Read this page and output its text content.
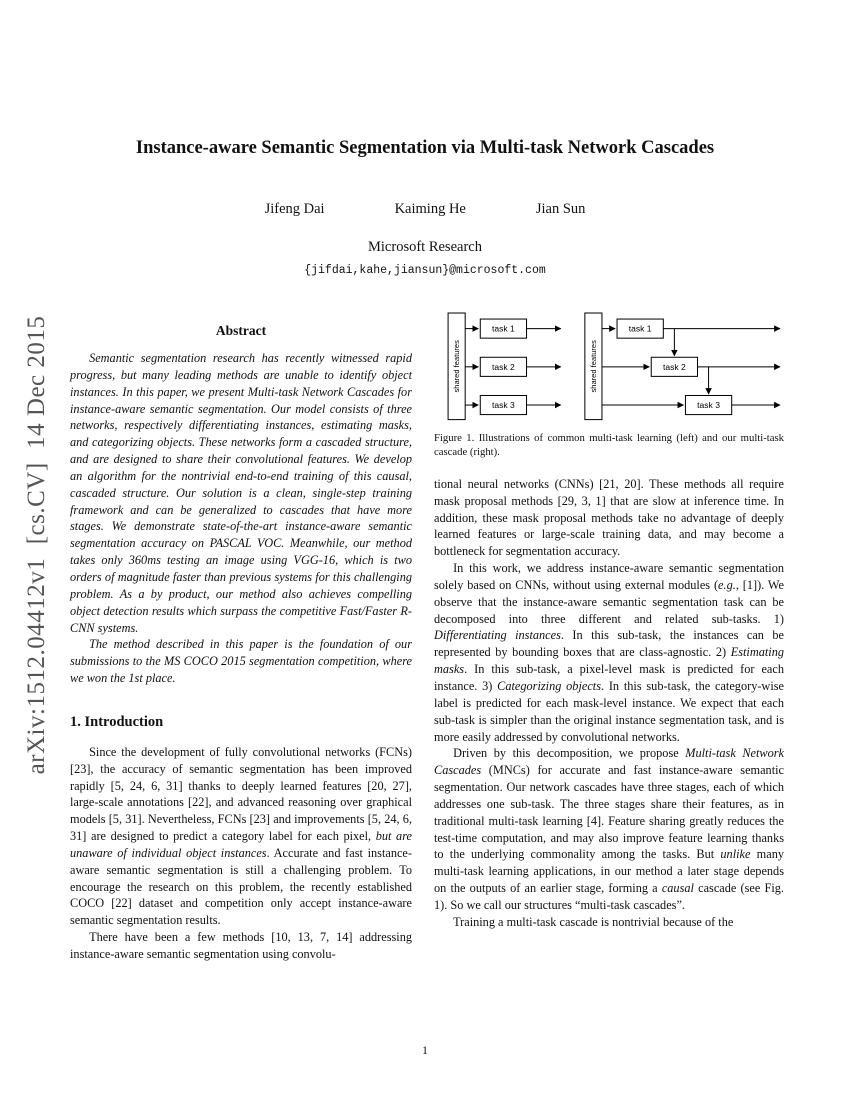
arXiv:1512.04412v1  [cs.CV]  14 Dec 2015
Instance-aware Semantic Segmentation via Multi-task Network Cascades
Jifeng Dai	Kaiming He	Jian Sun
Microsoft Research
{jifdai,kahe,jiansun}@microsoft.com
Abstract

Semantic segmentation research has recently witnessed rapid progress, but many leading methods are unable to identify object instances. In this paper, we present Multi-task Network Cascades for instance-aware semantic segmentation. Our model consists of three networks, respectively differentiating instances, estimating masks, and categorizing objects. These networks form a cascaded structure, and are designed to share their convolutional features. We develop an algorithm for the nontrivial end-to-end training of this causal, cascaded structure. Our solution is a clean, single-step training framework and can be generalized to cascades that have more stages. We demonstrate state-of-the-art instance-aware semantic segmentation accuracy on PASCAL VOC. Meanwhile, our method takes only 360ms testing an image using VGG-16, which is two orders of magnitude faster than previous systems for this challenging problem. As a by product, our method also achieves compelling object detection results which surpass the competitive Fast/Faster R-CNN systems.

The method described in this paper is the foundation of our submissions to the MS COCO 2015 segmentation competition, where we won the 1st place.

1. Introduction

Since the development of fully convolutional networks (FCNs) [23], the accuracy of semantic segmentation has been improved rapidly [5, 24, 6, 31] thanks to deeply learned features [20, 27], large-scale annotations [22], and advanced reasoning over graphical models [5, 31]. Nevertheless, FCNs [23] and improvements [5, 24, 6, 31] are designed to predict a category label for each pixel, but are unaware of individual object instances. Accurate and fast instance-aware semantic segmentation is still a challenging problem. To encourage the research on this problem, the recently established COCO [22] dataset and competition only accept instance-aware semantic segmentation results.

There have been a few methods [10, 13, 7, 14] addressing instance-aware semantic segmentation using convolu-

shared features
task 1
task 2
task 3
shared features
task 1
task 2
task 3
Figure 1. Illustrations of common multi-task learning (left) and our multi-task cascade (right).

tional neural networks (CNNs) [21, 20]. These methods all require mask proposal methods [29, 3, 1] that are slow at inference time. In addition, these mask proposal methods take no advantage of deeply learned features or large-scale training data, and may become a bottleneck for segmentation accuracy.

In this work, we address instance-aware semantic segmentation solely based on CNNs, without using external modules (e.g., [1]). We observe that the instance-aware semantic segmentation task can be decomposed into three different and related sub-tasks. 1) Differentiating instances. In this sub-task, the instances can be represented by bounding boxes that are class-agnostic. 2) Estimating masks. In this sub-task, a pixel-level mask is predicted for each instance. 3) Categorizing objects. In this sub-task, the category-wise label is predicted for each mask-level instance. We expect that each sub-task is simpler than the original instance segmentation task, and is more easily addressed by convolutional networks.

Driven by this decomposition, we propose Multi-task Network Cascades (MNCs) for accurate and fast instance-aware semantic segmentation. Our network cascades have three stages, each of which addresses one sub-task. The three stages share their features, as in traditional multi-task learning [4]. Feature sharing greatly reduces the test-time computation, and may also improve feature learning thanks to the underlying commonality among the tasks. But unlike many multi-task learning applications, in our method a later stage depends on the outputs of an earlier stage, forming a causal cascade (see Fig. 1). So we call our structures “multi-task cascades”.

Training a multi-task cascade is nontrivial because of the

1
